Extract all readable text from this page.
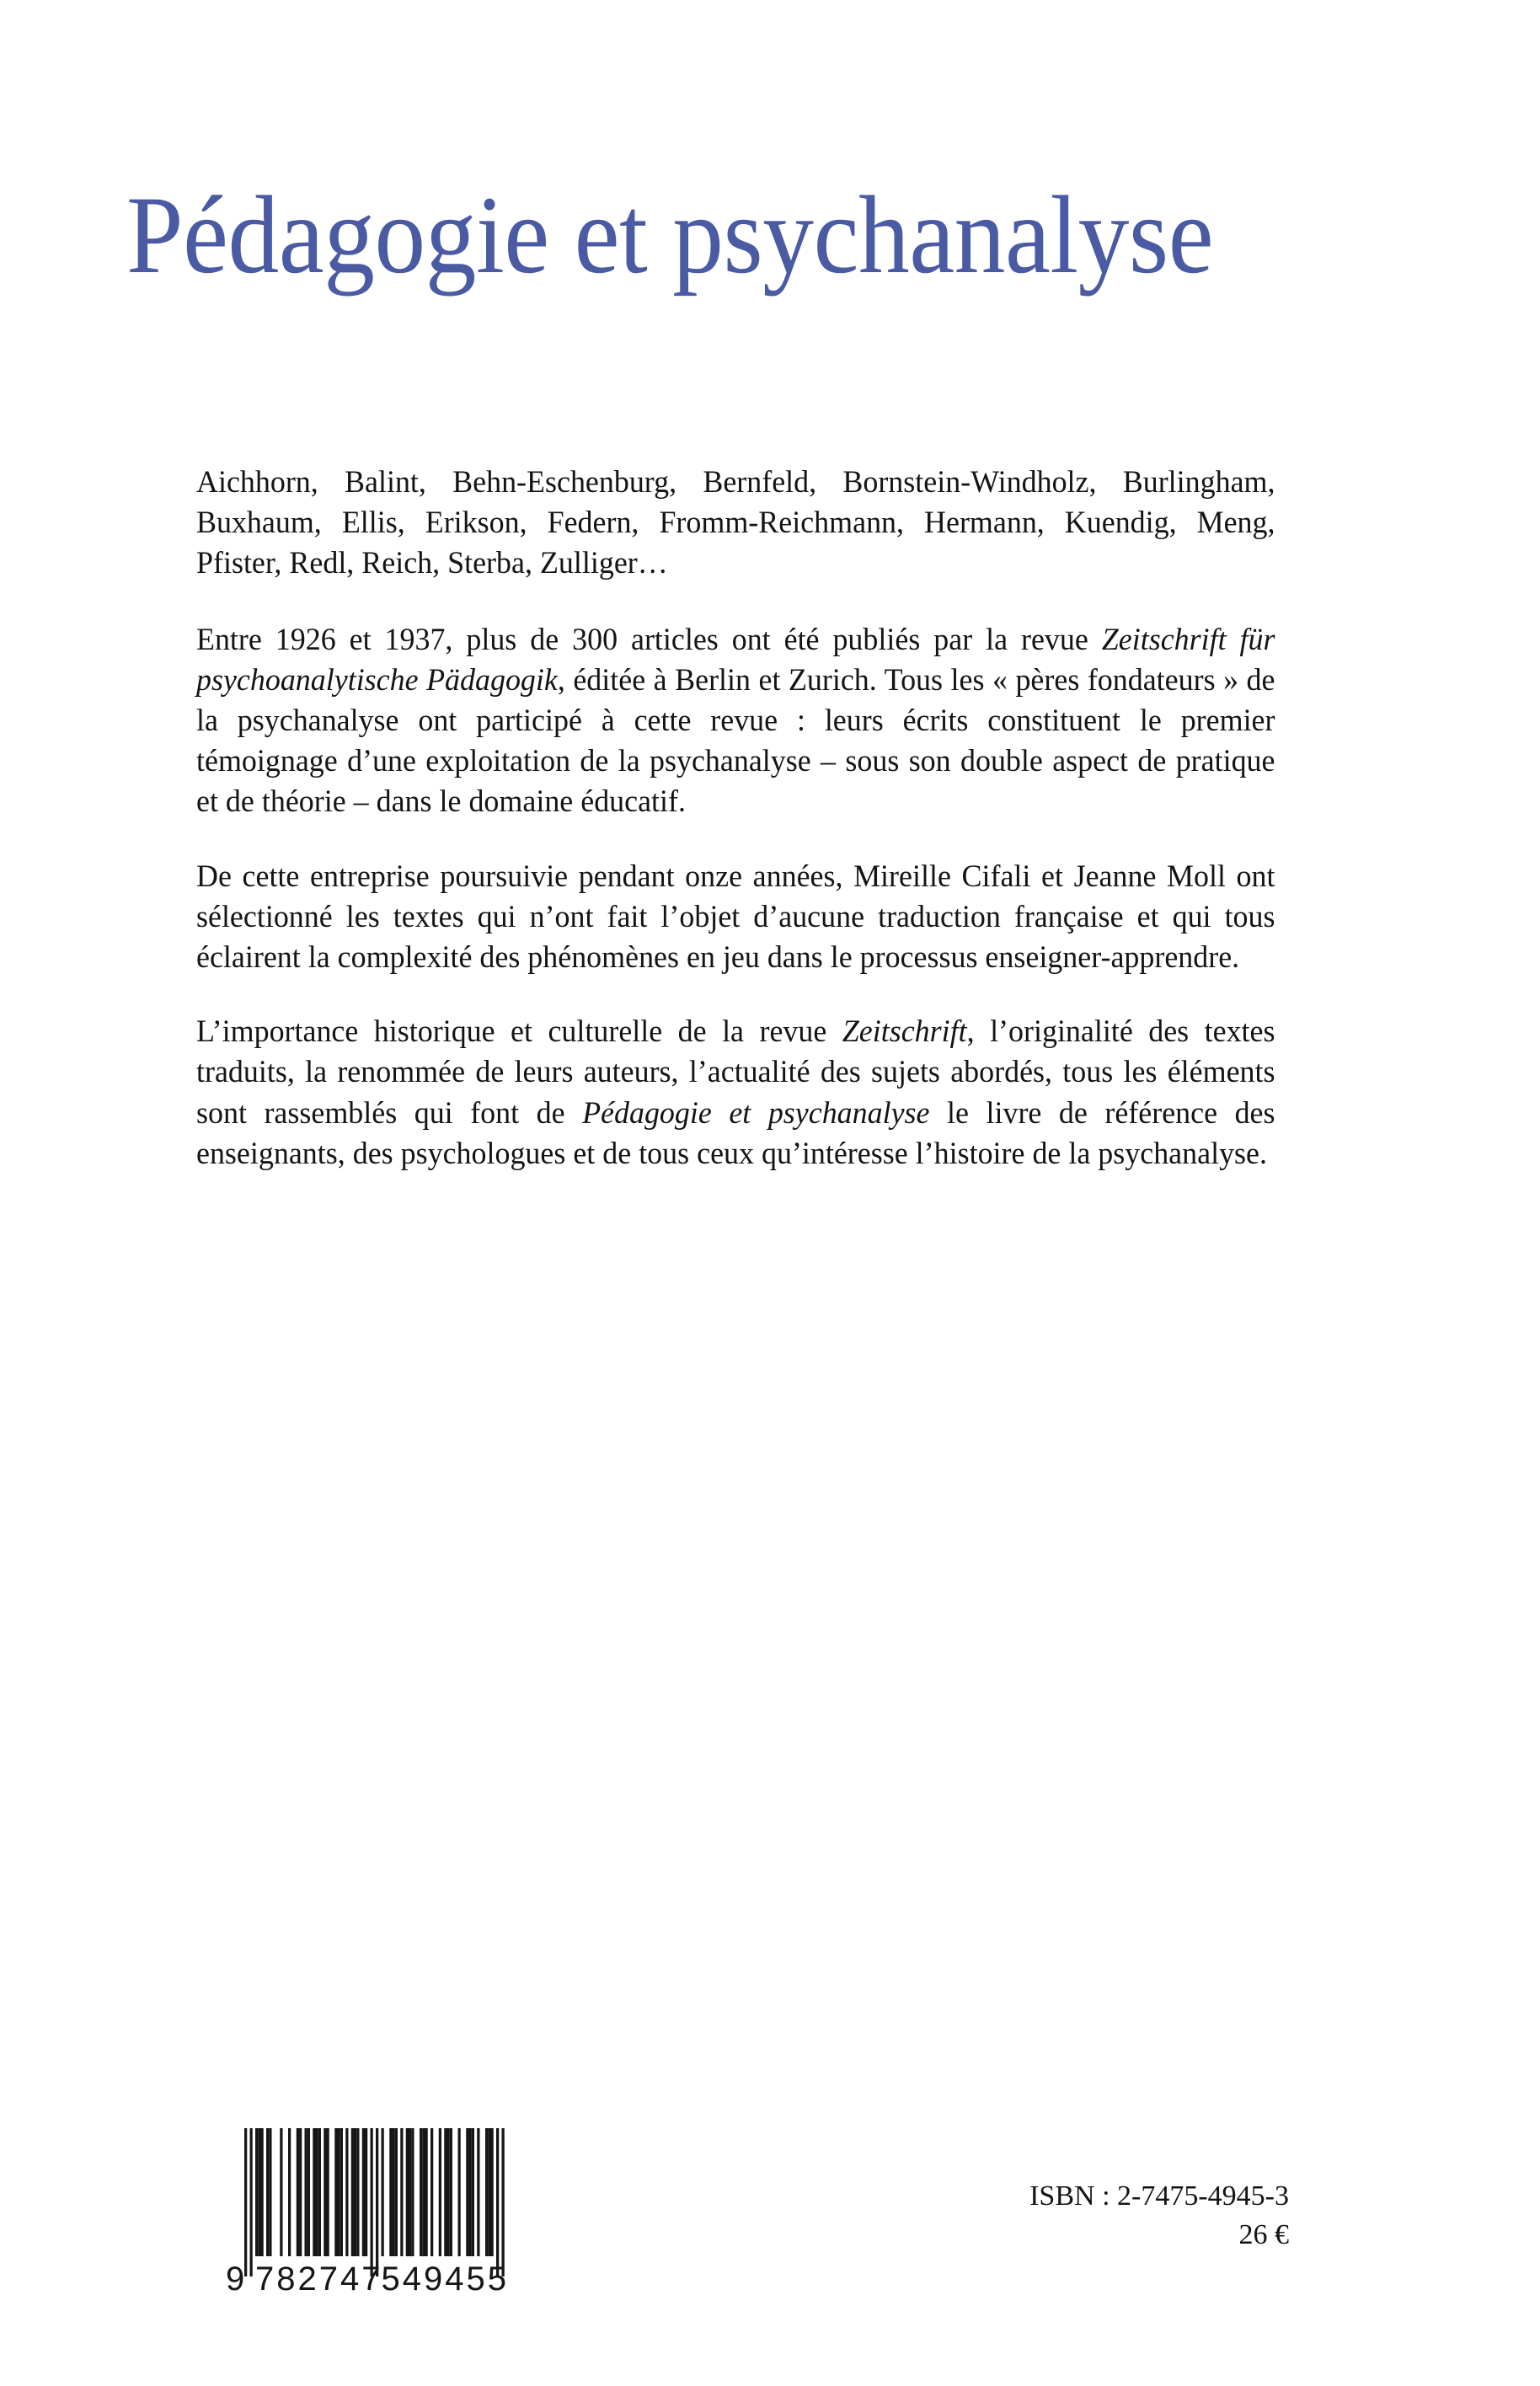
Pédagogie et psychanalyse

Aichhorn, Balint, Behn-Eschenburg, Bernfeld, Bornstein-Windholz, Burlingham, Buxhaum, Ellis, Erikson, Federn, Fromm-Reichmann, Hermann, Kuendig, Meng, Pfister, Redl, Reich, Sterba, Zulliger…

Entre 1926 et 1937, plus de 300 articles ont été publiés par la revue Zeitschrift für psychoanalytische Pädagogik, éditée à Berlin et Zurich. Tous les « pères fondateurs » de la psychanalyse ont participé à cette revue : leurs écrits constituent le premier témoignage d’une exploitation de la psychanalyse – sous son double aspect de pratique et de théorie – dans le domaine éducatif.

De cette entreprise poursuivie pendant onze années, Mireille Cifali et Jeanne Moll ont sélectionné les textes qui n’ont fait l’objet d’aucune traduction française et qui tous éclairent la complexité des phénomènes en jeu dans le processus enseigner-apprendre.

L’importance historique et culturelle de la revue Zeitschrift, l’originalité des textes traduits, la renommée de leurs auteurs, l’actualité des sujets abordés, tous les éléments sont rassemblés qui font de Pédagogie et psychanalyse le livre de référence des enseignants, des psychologues et de tous ceux qu’intéresse l’histoire de la psychanalyse.

9 782747
549455
ISBN : 2-7475-4945-3
26 €
